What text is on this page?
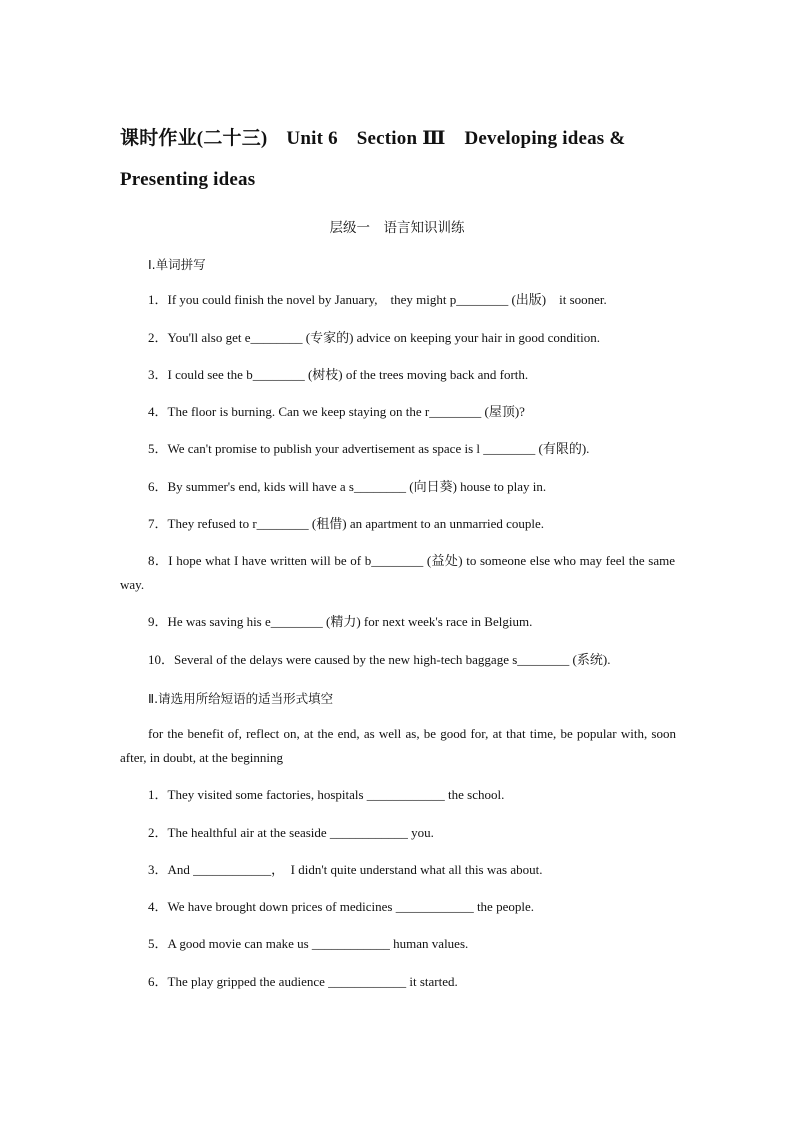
课时作业(二十三) Unit 6 Section Ⅲ Developing ideas &
Presenting ideas
层级一　语言知识训练
Ⅰ.单词拼写
1．If you could finish the novel by January,　they might p________ (出版)　it sooner.
2．You'll also get e________ (专家的) advice on keeping your hair in good condition.
3．I could see the b________ (树枝) of the trees moving back and forth.
4．The floor is burning. Can we keep staying on the r________ (屋顶)?
5．We can't promise to publish your advertisement as space is l ________ (有限的).
6．By summer's end, kids will have a s________ (向日葵) house to play in.
7．They refused to r________ (租借) an apartment to an unmarried couple.
8．I hope what I have written will be of b________ (益处) to someone else who may feel the same way.
9．He was saving his e________ (精力) for next week's race in Belgium.
10．Several of the delays were caused by the new high-tech baggage s________ (系统).
Ⅱ.请选用所给短语的适当形式填空
for the benefit of, reflect on, at the end, as well as, be good for, at that time, be popular with, soon after, in doubt, at the beginning
1．They visited some factories, hospitals ____________ the school.
2．The healthful air at the seaside ____________ you.
3．And ____________，　I didn't quite understand what all this was about.
4．We have brought down prices of medicines ____________ the people.
5．A good movie can make us ____________ human values.
6．The play gripped the audience ____________ it started.
